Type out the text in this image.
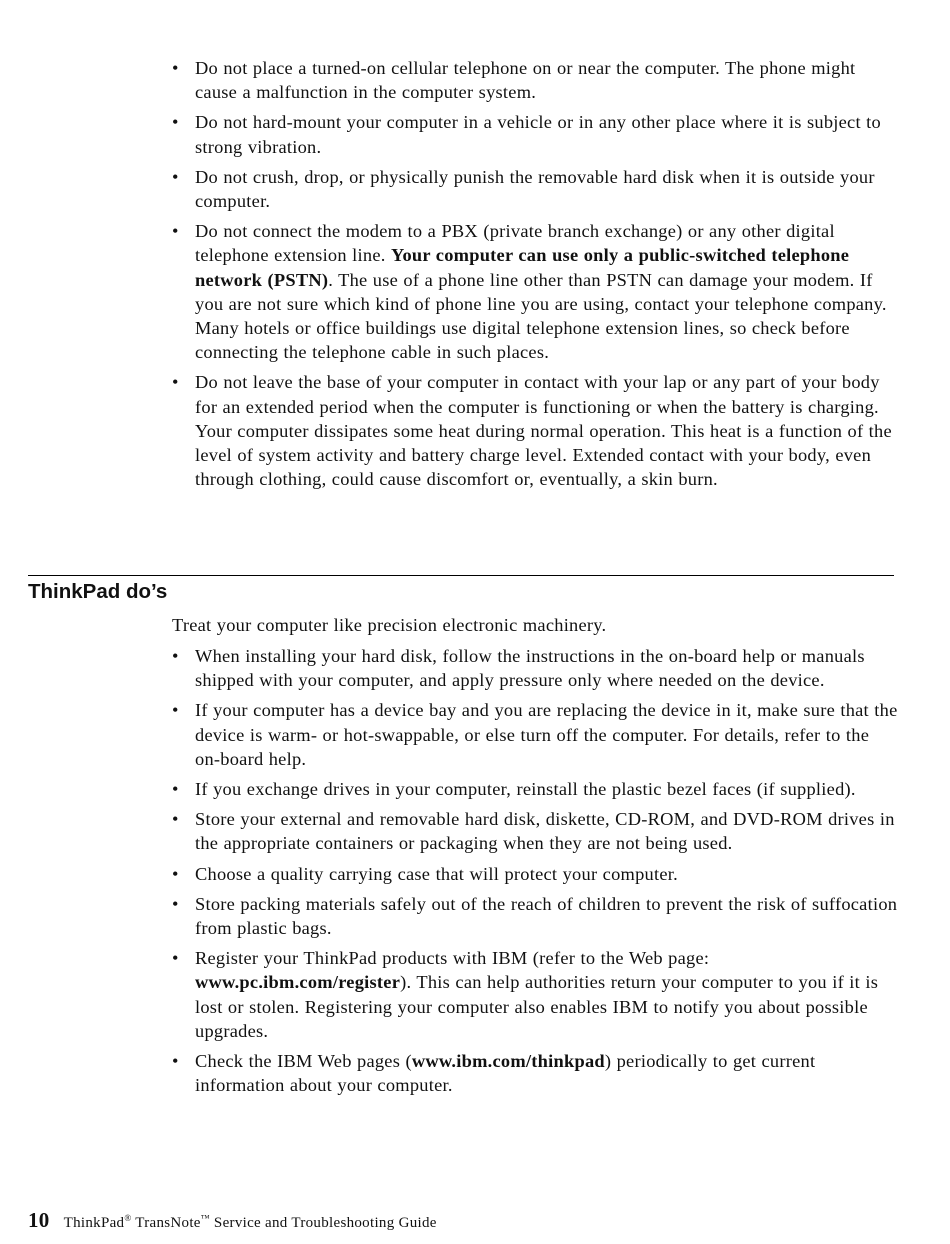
• Do not place a turned-on cellular telephone on or near the computer. The phone might cause a malfunction in the computer system.
• Do not hard-mount your computer in a vehicle or in any other place where it is subject to strong vibration.
• Do not crush, drop, or physically punish the removable hard disk when it is outside your computer.
• Do not connect the modem to a PBX (private branch exchange) or any other digital telephone extension line. Your computer can use only a public-switched telephone network (PSTN). The use of a phone line other than PSTN can damage your modem. If you are not sure which kind of phone line you are using, contact your telephone company. Many hotels or office buildings use digital telephone extension lines, so check before connecting the telephone cable in such places.
• Do not leave the base of your computer in contact with your lap or any part of your body for an extended period when the computer is functioning or when the battery is charging. Your computer dissipates some heat during normal operation. This heat is a function of the level of system activity and battery charge level. Extended contact with your body, even through clothing, could cause discomfort or, eventually, a skin burn.
ThinkPad do’s

Treat your computer like precision electronic machinery.

• When installing your hard disk, follow the instructions in the on-board help or manuals shipped with your computer, and apply pressure only where needed on the device.
• If your computer has a device bay and you are replacing the device in it, make sure that the device is warm- or hot-swappable, or else turn off the computer. For details, refer to the on-board help.
• If you exchange drives in your computer, reinstall the plastic bezel faces (if supplied).
• Store your external and removable hard disk, diskette, CD-ROM, and DVD-ROM drives in the appropriate containers or packaging when they are not being used.
• Choose a quality carrying case that will protect your computer.
• Store packing materials safely out of the reach of children to prevent the risk of suffocation from plastic bags.
• Register your ThinkPad products with IBM (refer to the Web page: www.pc.ibm.com/register). This can help authorities return your computer to you if it is lost or stolen. Registering your computer also enables IBM to notify you about possible upgrades.
• Check the IBM Web pages (www.ibm.com/thinkpad) periodically to get current information about your computer.
10 ThinkPad® TransNote™ Service and Troubleshooting Guide
